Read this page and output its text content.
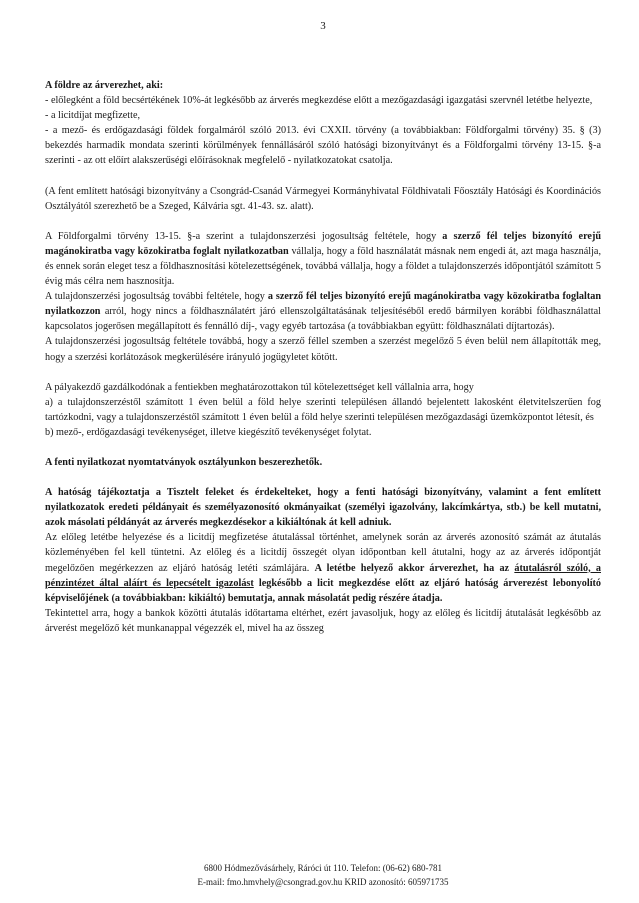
3

A földre az árverezhet, aki:

- előlegként a föld becsértékének 10%-át legkésőbb az árverés megkezdése előtt a mezőgazdasági igazgatási szervnél letétbe helyezte,

- a licitdíjat megfizette,

- a mező- és erdőgazdasági földek forgalmáról szóló 2013. évi CXXII. törvény (a továbbiakban: Földforgalmi törvény) 35. § (3) bekezdés harmadik mondata szerinti körülmények fennállásáról szóló hatósági bizonyítványt és a Földforgalmi törvény 13-15. §-a szerinti - az ott előírt alakszerűségi előírásoknak megfelelő - nyilatkozatokat csatolja.

(A fent említett hatósági bizonyítvány a Csongrád-Csanád Vármegyei Kormányhivatal Földhivatali Főosztály Hatósági és Koordinációs Osztályától szerezhető be a Szeged, Kálvária sgt. 41-43. sz. alatt).

A Földforgalmi törvény 13-15. §-a szerint a tulajdonszerzési jogosultság feltétele, hogy a szerző fél teljes bizonyító erejű magánokiratba vagy közokiratba foglalt nyilatkozatban vállalja, hogy a föld használatát másnak nem engedi át, azt maga használja, és ennek során eleget tesz a földhasznosítási kötelezettségének, továbbá vállalja, hogy a földet a tulajdonszerzés időpontjától számított 5 évig más célra nem hasznosítja.

A tulajdonszerzési jogosultság további feltétele, hogy a szerző fél teljes bizonyító erejű magánokiratba vagy közokiratba foglaltan nyilatkozzon arról, hogy nincs a földhasználatért járó ellenszolgáltatásának teljesítéséből eredő bármilyen korábbi földhasználattal kapcsolatos jogerősen megállapított és fennálló díj-, vagy egyéb tartozása (a továbbiakban együtt: földhasználati díjtartozás).

A tulajdonszerzési jogosultság feltétele továbbá, hogy a szerző féllel szemben a szerzést megelőző 5 éven belül nem állapították meg, hogy a szerzési korlátozások megkerülésére irányuló jogügyletet kötött.

A pályakezdő gazdálkodónak a fentiekben meghatározottakon túl kötelezettséget kell vállalnia arra, hogy

a) a tulajdonszerzéstől számított 1 éven belül a föld helye szerinti településen állandó bejelentett lakosként életvitelszerűen fog tartózkodni, vagy a tulajdonszerzéstől számított 1 éven belül a föld helye szerinti településen mezőgazdasági üzemközpontot létesít, és

b) mező-, erdőgazdasági tevékenységet, illetve kiegészítő tevékenységet folytat.

A fenti nyilatkozat nyomtatványok osztályunkon beszerezhetők.

A hatóság tájékoztatja a Tisztelt feleket és érdekelteket, hogy a fenti hatósági bizonyítvány, valamint a fent említett nyilatkozatok eredeti példányait és személyazonosító okmányaikat (személyi igazolvány, lakcímkártya, stb.) be kell mutatni, azok másolati példányát az árverés megkezdésekor a kikiáltónak át kell adniuk.

Az előleg letétbe helyezése és a licitdíj megfizetése átutalással történhet, amelynek során az árverés azonosító számát az átutalás közleményében fel kell tüntetni. Az előleg és a licitdíj összegét olyan időpontban kell átutalni, hogy az az árverés időpontját megelőzően megérkezzen az eljáró hatóság letéti számlájára. A letétbe helyező akkor árverezhet, ha az átutalásról szóló, a pénzintézet által aláírt és lepecsételt igazolást legkésőbb a licit megkezdése előtt az eljáró hatóság árverezést lebonyolító képviselőjének (a továbbiakban: kikiáltó) bemutatja, annak másolatát pedig részére átadja.

Tekintettel arra, hogy a bankok közötti átutalás időtartama eltérhet, ezért javasoljuk, hogy az előleg és licitdíj átutalását legkésőbb az árverést megelőző két munkanappal végezzék el, mivel ha az összeg

6800 Hódmezővásárhely, Ráróci út 110. Telefon: (06-62) 680-781
E-mail: fmo.hmvhely@csongrad.gov.hu KRID azonosító: 605971735
